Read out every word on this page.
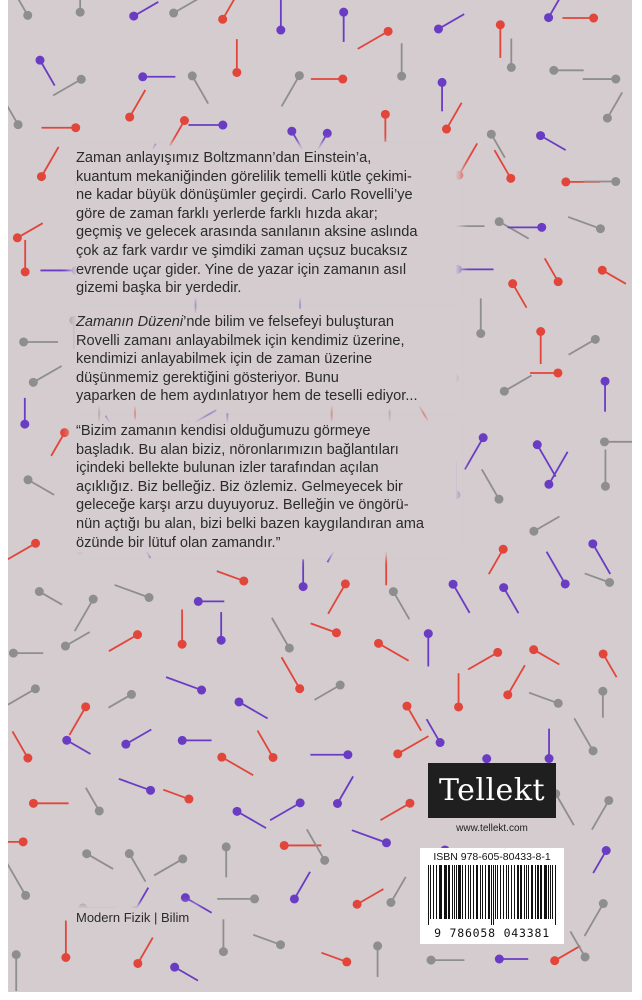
Zaman anlayışımız Boltzmann’dan Einstein’a,
kuantum mekaniğinden görelilik temelli kütle çekimi-
ne kadar büyük dönüşümler geçirdi. Carlo Rovelli’ye
göre de zaman farklı yerlerde farklı hızda akar;
geçmiş ve gelecek arasında sanılanın aksine aslında
çok az fark vardır ve şimdiki zaman uçsuz bucaksız
evrende uçar gider. Yine de yazar için zamanın asıl
gizemi başka bir yerdedir.

Zamanın Düzeni’nde bilim ve felsefeyi buluşturan
Rovelli zamanı anlayabilmek için kendimiz üzerine,
kendimizi anlayabilmek için de zaman üzerine
düşünmemiz gerektiğini gösteriyor. Bunu
yaparken de hem aydınlatıyor hem de teselli ediyor...

“Bizim zamanın kendisi olduğumuzu görmeye
başladık. Bu alan biziz, nöronlarımızın bağlantıları
içindeki bellekte bulunan izler tarafından açılan
açıklığız. Biz belleğiz. Biz özlemiz. Gelmeyecek bir
geleceğe karşı arzu duyuyoruz. Belleğin ve öngörü-
nün açtığı bu alan, bizi belki bazen kaygılandıran ama
özünde bir lütuf olan zamandır.”

Modern Fizik | Bilim
Tellekt
www.tellekt.com
ISBN 978-605-80433-8-1
9 786058 043381
